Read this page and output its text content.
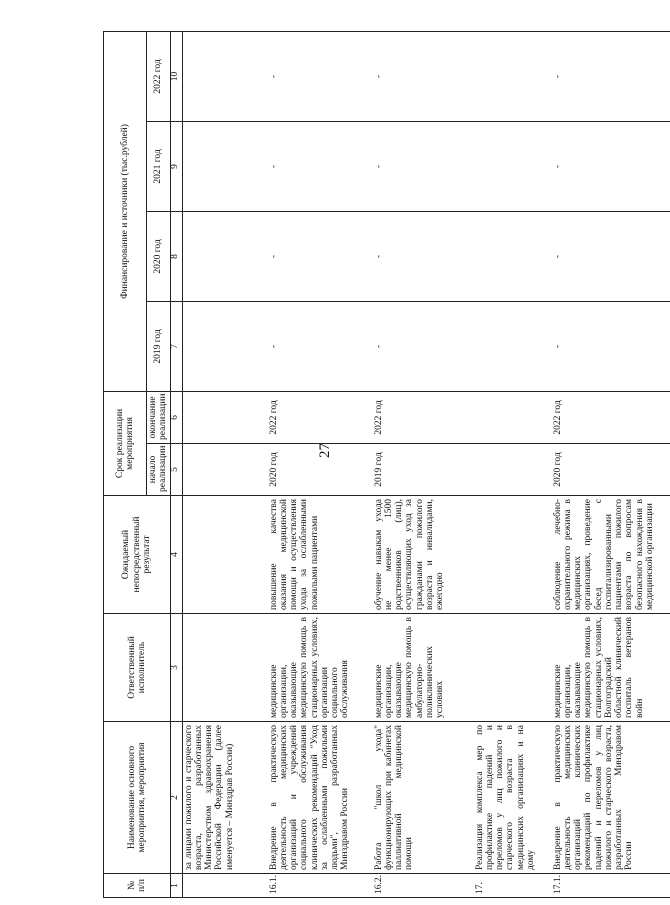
27
№ п/п	Наименование основного мероприятия, мероприятия	Ответственный исполнитель	Ожидаемый непосредственный результат	Срок реализации мероприятия		Финансирование и источники (тыс.рублей)			
				начало реализации	окончание реализации	2019 год	2020 год	2021 год	2022 год
1	2	3	4	5	6	7	8	9	10
	за лицами пожилого и старческого возраста, разработанных Министерством здравоохранения Российской Федерации (далее именуется – Минздрав России)								
16.1.	Внедрение в практическую деятельность медицинских организаций и учреждений социального обслуживания клинических рекомендаций "Уход за ослабленными пожилыми людьми", разработанных Минздравом России	медицинские организации, оказывающие медицинскую помощь в стационарных условиях, организации социального обслуживания	повышение качества оказания медицинской помощи и осуществления ухода за ослабленными пожилыми пациентами	2020 год	2022 год	-	-	-	-
16.2.	Работа "школ ухода" функционирующих при кабинетах паллиативной медицинской помощи	медицинские организации, оказывающие медицинскую помощь в амбулаторно-поликлинических условиях	обучение навыкам ухода не менее 1500 родственников (лиц), осуществляющих уход за гражданами пожилого возраста и инвалидами, ежегодно	2019 год	2022 год	-	-	-	-
17.	Реализация комплекса мер по профилактике падений и переломов у лиц пожилого и старческого возраста в медицинских организациях и на дому								
17.1.	Внедрение в практическую деятельность медицинских организаций клинических рекомендаций по профилактике падений и переломов у лиц пожилого и старческого возраста, разработанных Минздравом России	медицинские организации, оказывающие медицинскую помощь в стационарных условиях, Волгоградский областной клинический госпиталь ветеранов войн	соблюдение лечебно-охранительного режима в медицинских организациях, проведение бесед с госпитализированными пациентами пожилого возраста по вопросам безопасного нахождения в медицинской организации	2020 год	2022 год	-	-	-	-
